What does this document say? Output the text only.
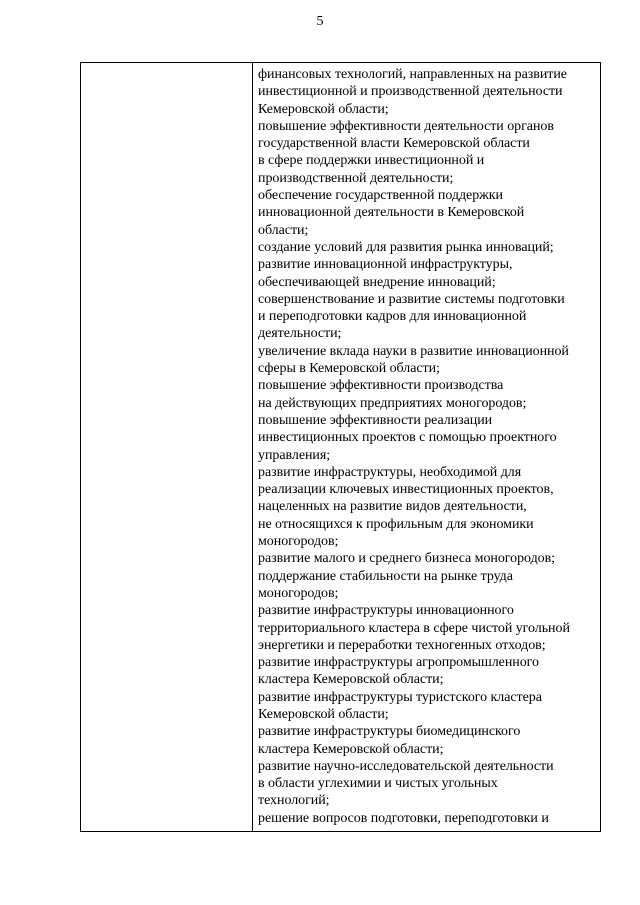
5

финансовых технологий, направленных на развитие
инвестиционной и производственной деятельности
Кемеровской области;
повышение эффективности деятельности органов
государственной власти Кемеровской области
в сфере поддержки инвестиционной и
производственной деятельности;
обеспечение государственной поддержки
инновационной деятельности в Кемеровской
области;
создание условий для развития рынка инноваций;
развитие инновационной инфраструктуры,
обеспечивающей внедрение инноваций;
совершенствование и развитие системы подготовки
и переподготовки кадров для инновационной
деятельности;
увеличение вклада науки в развитие инновационной
сферы в Кемеровской области;
повышение эффективности производства
на действующих предприятиях моногородов;
повышение эффективности реализации
инвестиционных проектов с помощью проектного
управления;
развитие инфраструктуры, необходимой для
реализации ключевых инвестиционных проектов,
нацеленных на развитие видов деятельности,
не относящихся к профильным для экономики
моногородов;
развитие малого и среднего бизнеса моногородов;
поддержание стабильности на рынке труда
моногородов;
развитие инфраструктуры инновационного
территориального кластера в сфере чистой угольной
энергетики и переработки техногенных отходов;
развитие инфраструктуры агропромышленного
кластера Кемеровской области;
развитие инфраструктуры туристского кластера
Кемеровской области;
развитие инфраструктуры биомедицинского
кластера Кемеровской области;
развитие научно-исследовательской деятельности
в области углехимии и чистых угольных
технологий;
решение вопросов подготовки, переподготовки и
